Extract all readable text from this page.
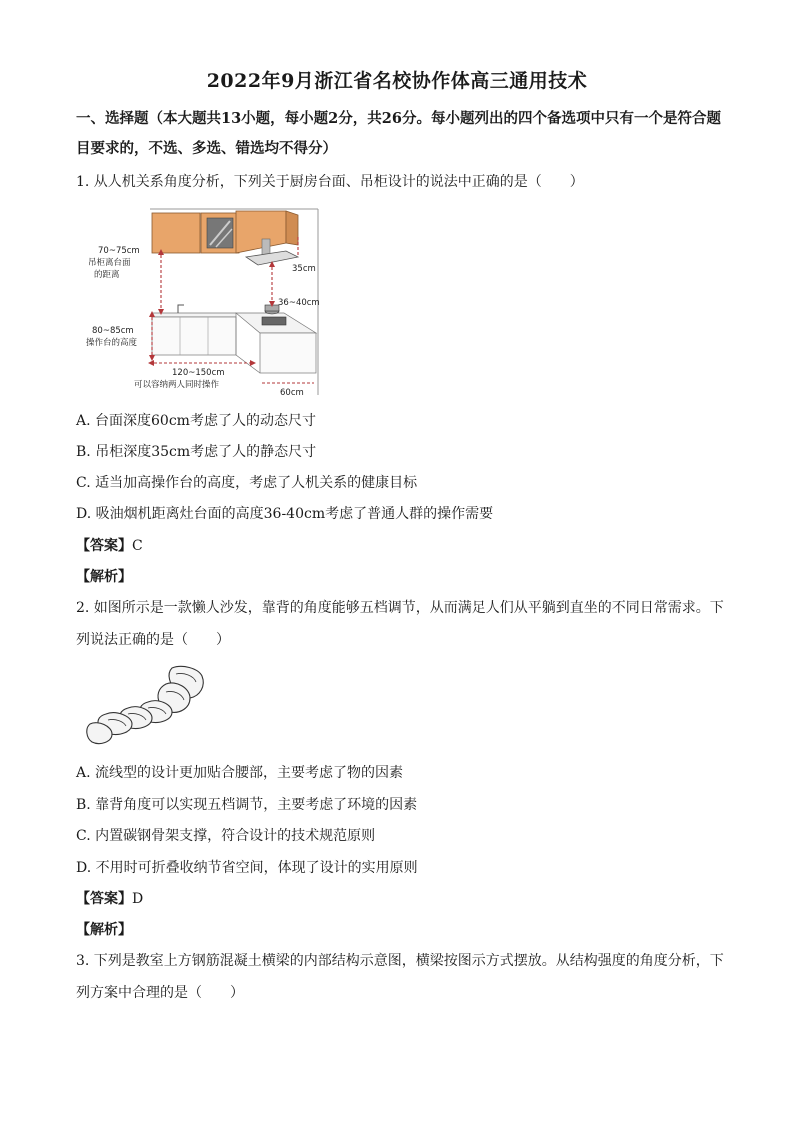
2022年9月浙江省名校协作体高三通用技术
一、选择题（本大题共13小题，每小题2分，共26分。每小题列出的四个备选项中只有一个是符合题目要求的，不选、多选、错选均不得分）
1. 从人机关系角度分析，下列关于厨房台面、吊柜设计的说法中正确的是（　　）
70~75cm
吊柜离台面
的距离
80~85cm
操作台的高度
120~150cm
可以容纳两人同时操作
35cm
36~40cm
60cm
A. 台面深度60cm考虑了人的动态尺寸
B. 吊柜深度35cm考虑了人的静态尺寸
C. 适当加高操作台的高度，考虑了人机关系的健康目标
D. 吸油烟机距离灶台面的高度36-40cm考虑了普通人群的操作需要
【答案】C
【解析】
2. 如图所示是一款懒人沙发，靠背的角度能够五档调节，从而满足人们从平躺到直坐的不同日常需求。下
列说法正确的是（　　）
A. 流线型的设计更加贴合腰部，主要考虑了物的因素
B. 靠背角度可以实现五档调节，主要考虑了环境的因素
C. 内置碳钢骨架支撑，符合设计的技术规范原则
D. 不用时可折叠收纳节省空间，体现了设计的实用原则
【答案】D
【解析】
3. 下列是教室上方钢筋混凝土横梁的内部结构示意图，横梁按图示方式摆放。从结构强度的角度分析，下
列方案中合理的是（　　）
